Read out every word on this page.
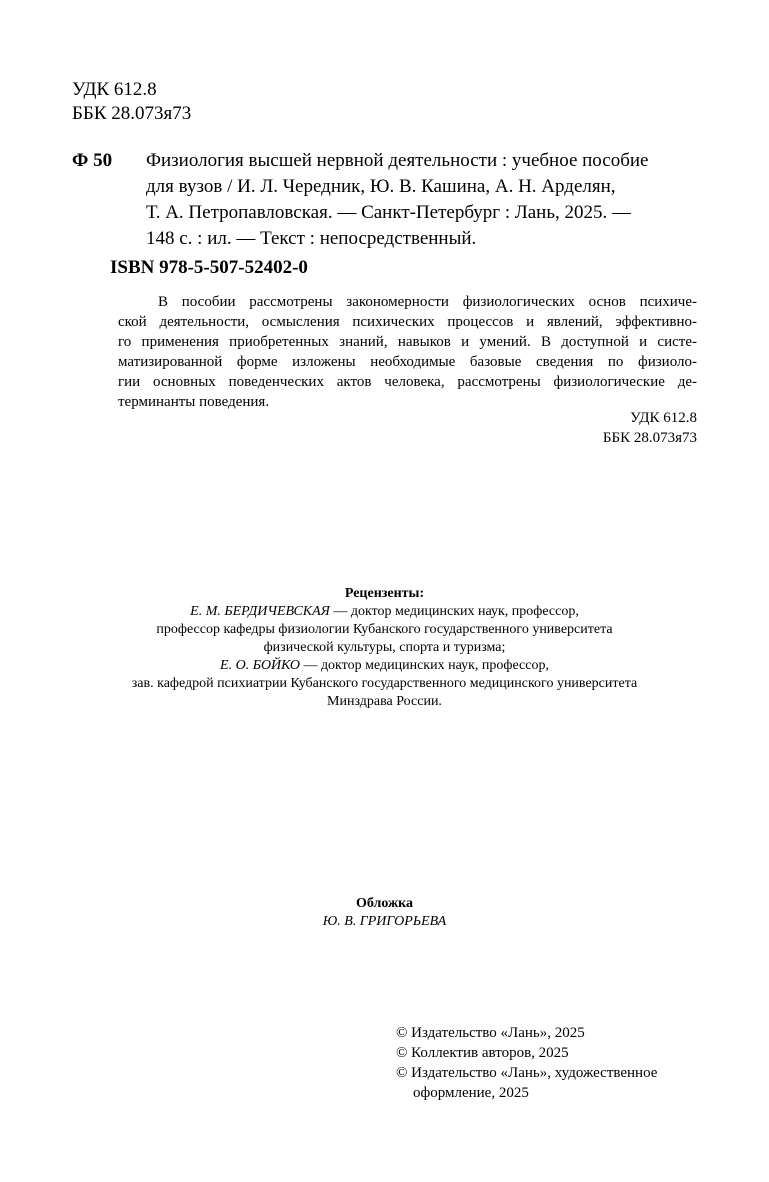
УДК 612.8
ББК 28.073я73
Ф 50	Физиология высшей нервной деятельности : учебное пособие
для вузов / И. Л. Чередник, Ю. В. Кашина, А. Н. Арделян,
Т. А. Петропавловская. — Санкт-Петербург : Лань, 2025. —
148 с. : ил. — Текст : непосредственный.
ISBN 978-5-507-52402-0
В пособии рассмотрены закономерности физиологических основ психиче-
ской деятельности, осмысления психических процессов и явлений, эффективно-
го применения приобретенных знаний, навыков и умений. В доступной и систе-
матизированной форме изложены необходимые базовые сведения по физиоло-
гии основных поведенческих актов человека, рассмотрены физиологические де-
терминанты поведения.
УДК 612.8
ББК 28.073я73
Рецензенты:
Е. М. БЕРДИЧЕВСКАЯ — доктор медицинских наук, профессор,
профессор кафедры физиологии Кубанского государственного университета
физической культуры, спорта и туризма;
Е. О. БОЙКО — доктор медицинских наук, профессор,
зав. кафедрой психиатрии Кубанского государственного медицинского университета
Минздрава России.
Обложка
Ю. В. ГРИГОРЬЕВА
© Издательство «Лань», 2025
© Коллектив авторов, 2025
© Издательство «Лань», художественное
оформление, 2025
